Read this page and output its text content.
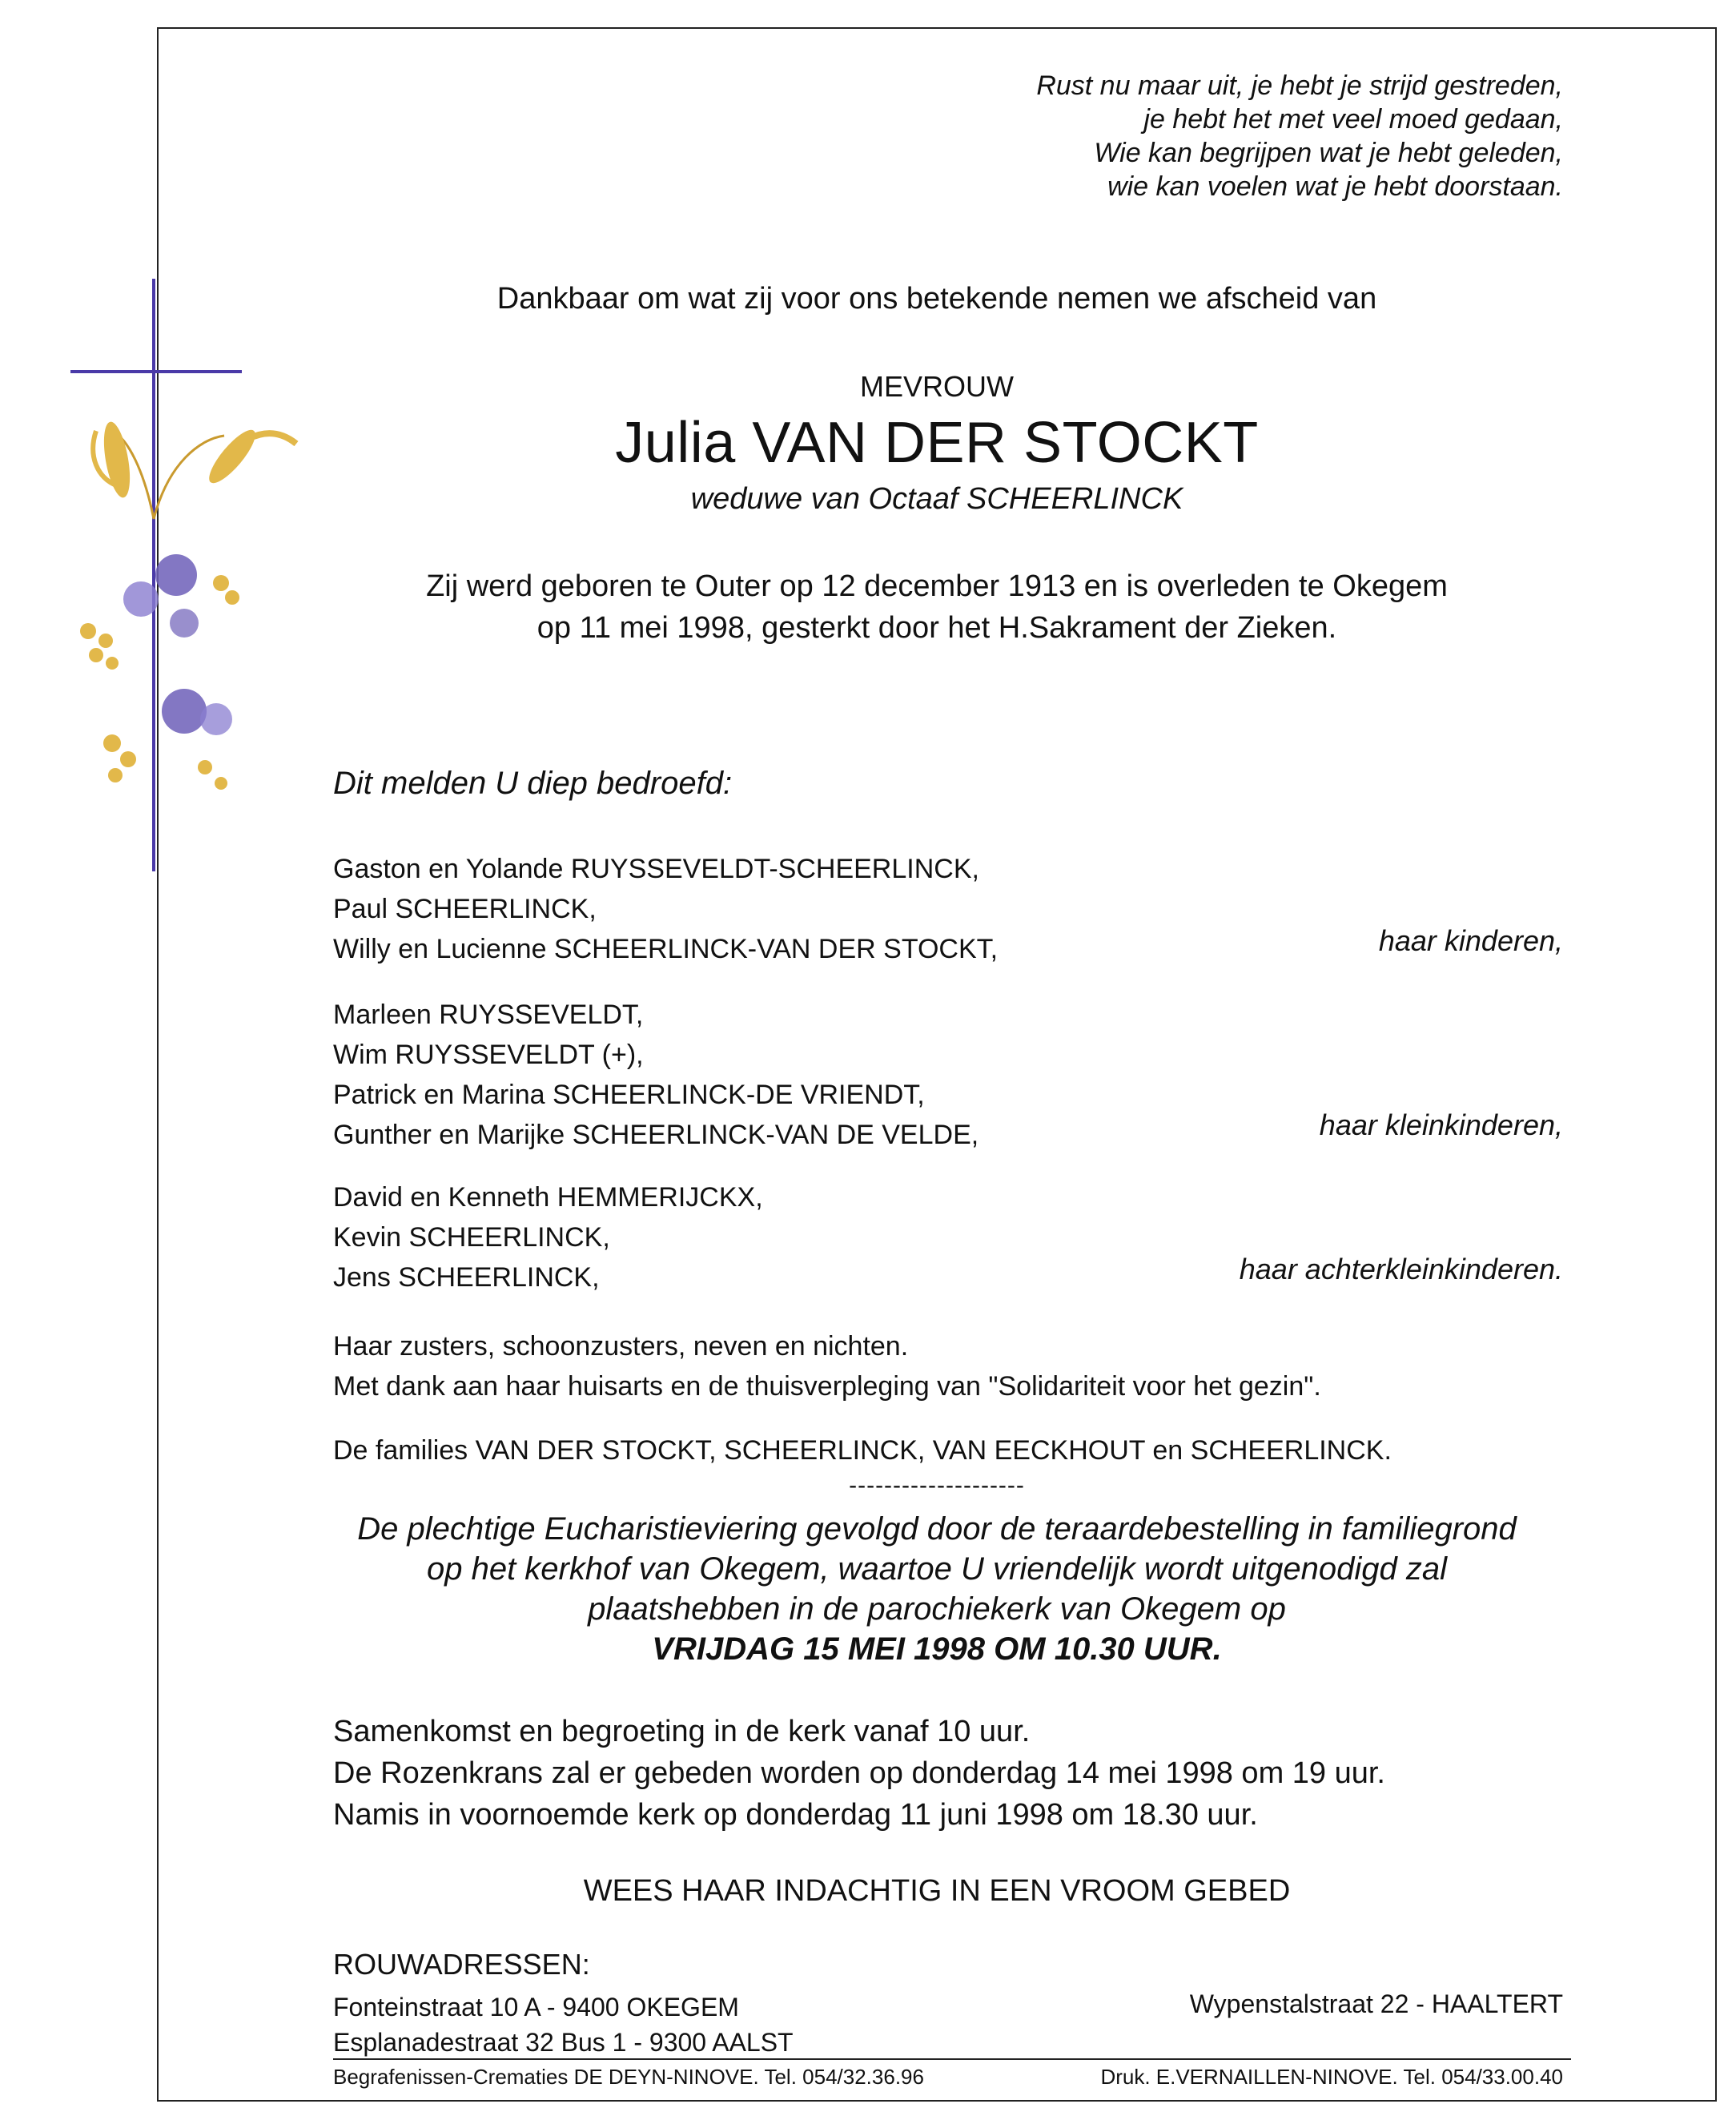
Rust nu maar uit, je hebt je strijd gestreden,
je hebt het met veel moed gedaan,
Wie kan begrijpen wat je hebt geleden,
wie kan voelen wat je hebt doorstaan.
Dankbaar om wat zij voor ons betekende nemen we afscheid van
MEVROUW
Julia VAN DER STOCKT
weduwe van Octaaf SCHEERLINCK
Zij werd geboren te Outer op 12 december 1913 en is overleden te Okegem
op 11 mei 1998, gesterkt door het H.Sakrament der Zieken.
Dit melden U diep bedroefd:
Gaston en Yolande RUYSSEVELDT-SCHEERLINCK,
Paul SCHEERLINCK,
Willy en Lucienne SCHEERLINCK-VAN DER STOCKT,	haar kinderen,
Marleen RUYSSEVELDT,
Wim RUYSSEVELDT (+),
Patrick en Marina SCHEERLINCK-DE VRIENDT,
Gunther en Marijke SCHEERLINCK-VAN DE VELDE,	haar kleinkinderen,
David en Kenneth HEMMERIJCKX,
Kevin SCHEERLINCK,
Jens SCHEERLINCK,	haar achterkleinkinderen.
Haar zusters, schoonzusters, neven en nichten.
Met dank aan haar huisarts en de thuisverpleging van "Solidariteit voor het gezin".
De families VAN DER STOCKT, SCHEERLINCK, VAN EECKHOUT en SCHEERLINCK.
--------------------
De plechtige Eucharistieviering gevolgd door de teraardebestelling in familiegrond
op het kerkhof van Okegem, waartoe U vriendelijk wordt uitgenodigd zal
plaatshebben in de parochiekerk van Okegem op
VRIJDAG 15 MEI 1998 OM 10.30 UUR.
Samenkomst en begroeting in de kerk vanaf 10 uur.
De Rozenkrans zal er gebeden worden op donderdag 14 mei 1998 om 19 uur.
Namis in voornoemde kerk op donderdag 11 juni 1998 om 18.30 uur.
WEES HAAR INDACHTIG IN EEN VROOM GEBED
ROUWADRESSEN:
Fonteinstraat 10 A - 9400 OKEGEM
Esplanadestraat 32 Bus 1 - 9300 AALST
Wypenstalstraat 22 - HAALTERT
Begrafenissen-Crematies DE DEYN-NINOVE. Tel. 054/32.36.96	Druk. E.VERNAILLEN-NINOVE. Tel. 054/33.00.40
